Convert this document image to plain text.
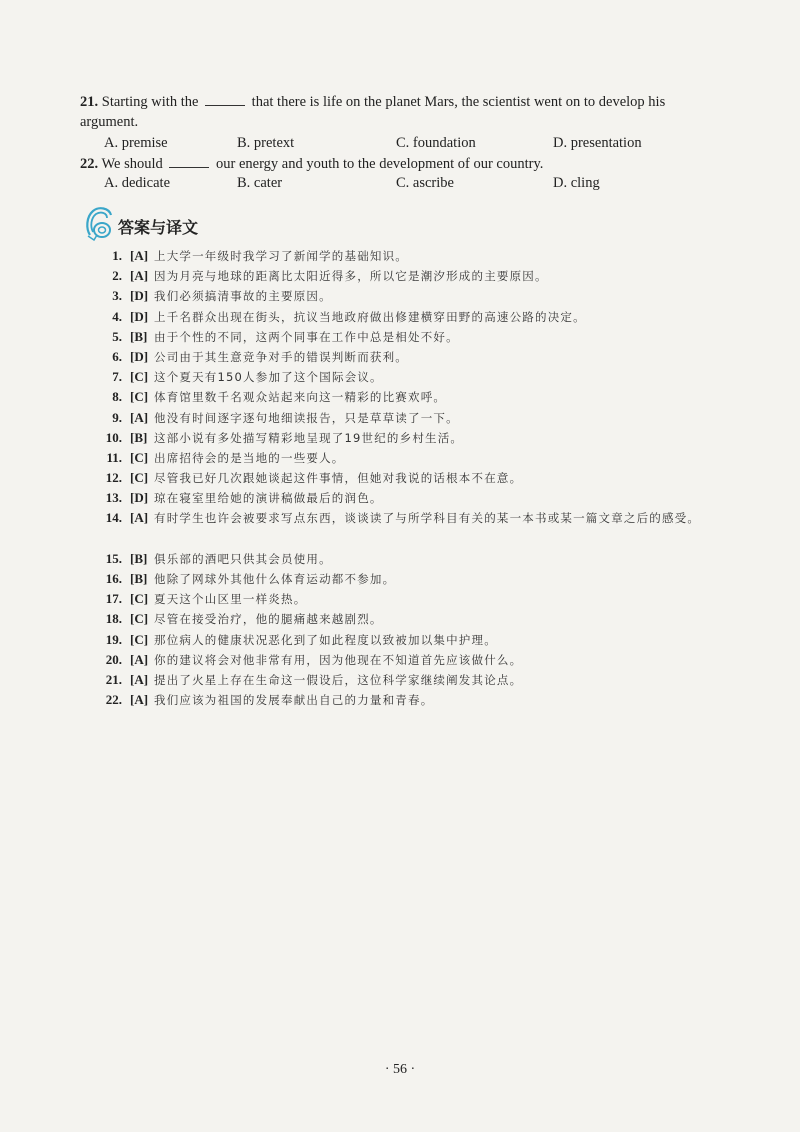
21. Starting with the	that there is life on the planet Mars, the scientist went on to develop his argument.
A. premise	B. pretext	C. foundation	D. presentation
22. We should	our energy and youth to the development of our country.
A. dedicate	B. cater	C. ascribe	D. cling
答案与译文
1. [A] 上大学一年级时我学习了新闻学的基础知识。
2. [A] 因为月亮与地球的距离比太阳近得多，所以它是潮汐形成的主要原因。
3. [D] 我们必须搞清事故的主要原因。
4. [D] 上千名群众出现在街头，抗议当地政府做出修建横穿田野的高速公路的决定。
5. [B] 由于个性的不同，这两个同事在工作中总是相处不好。
6. [D] 公司由于其生意竞争对手的错误判断而获利。
7. [C] 这个夏天有150人参加了这个国际会议。
8. [C] 体育馆里数千名观众站起来向这一精彩的比赛欢呼。
9. [A] 他没有时间逐字逐句地细读报告，只是草草读了一下。
10. [B] 这部小说有多处描写精彩地呈现了19世纪的乡村生活。
11. [C] 出席招待会的是当地的一些要人。
12. [C] 尽管我已好几次跟她谈起这件事情，但她对我说的话根本不在意。
13. [D] 琼在寝室里给她的演讲稿做最后的润色。
14. [A] 有时学生也许会被要求写点东西，谈谈读了与所学科目有关的某一本书或某一篇文章之后的感受。
15. [B] 俱乐部的酒吧只供其会员使用。
16. [B] 他除了网球外其他什么体育运动都不参加。
17. [C] 夏天这个山区里一样炎热。
18. [C] 尽管在接受治疗，他的腿痛越来越剧烈。
19. [C] 那位病人的健康状况恶化到了如此程度以致被加以集中护理。
20. [A] 你的建议将会对他非常有用，因为他现在不知道首先应该做什么。
21. [A] 提出了火星上存在生命这一假设后，这位科学家继续阐发其论点。
22. [A] 我们应该为祖国的发展奉献出自己的力量和青春。
· 56 ·
